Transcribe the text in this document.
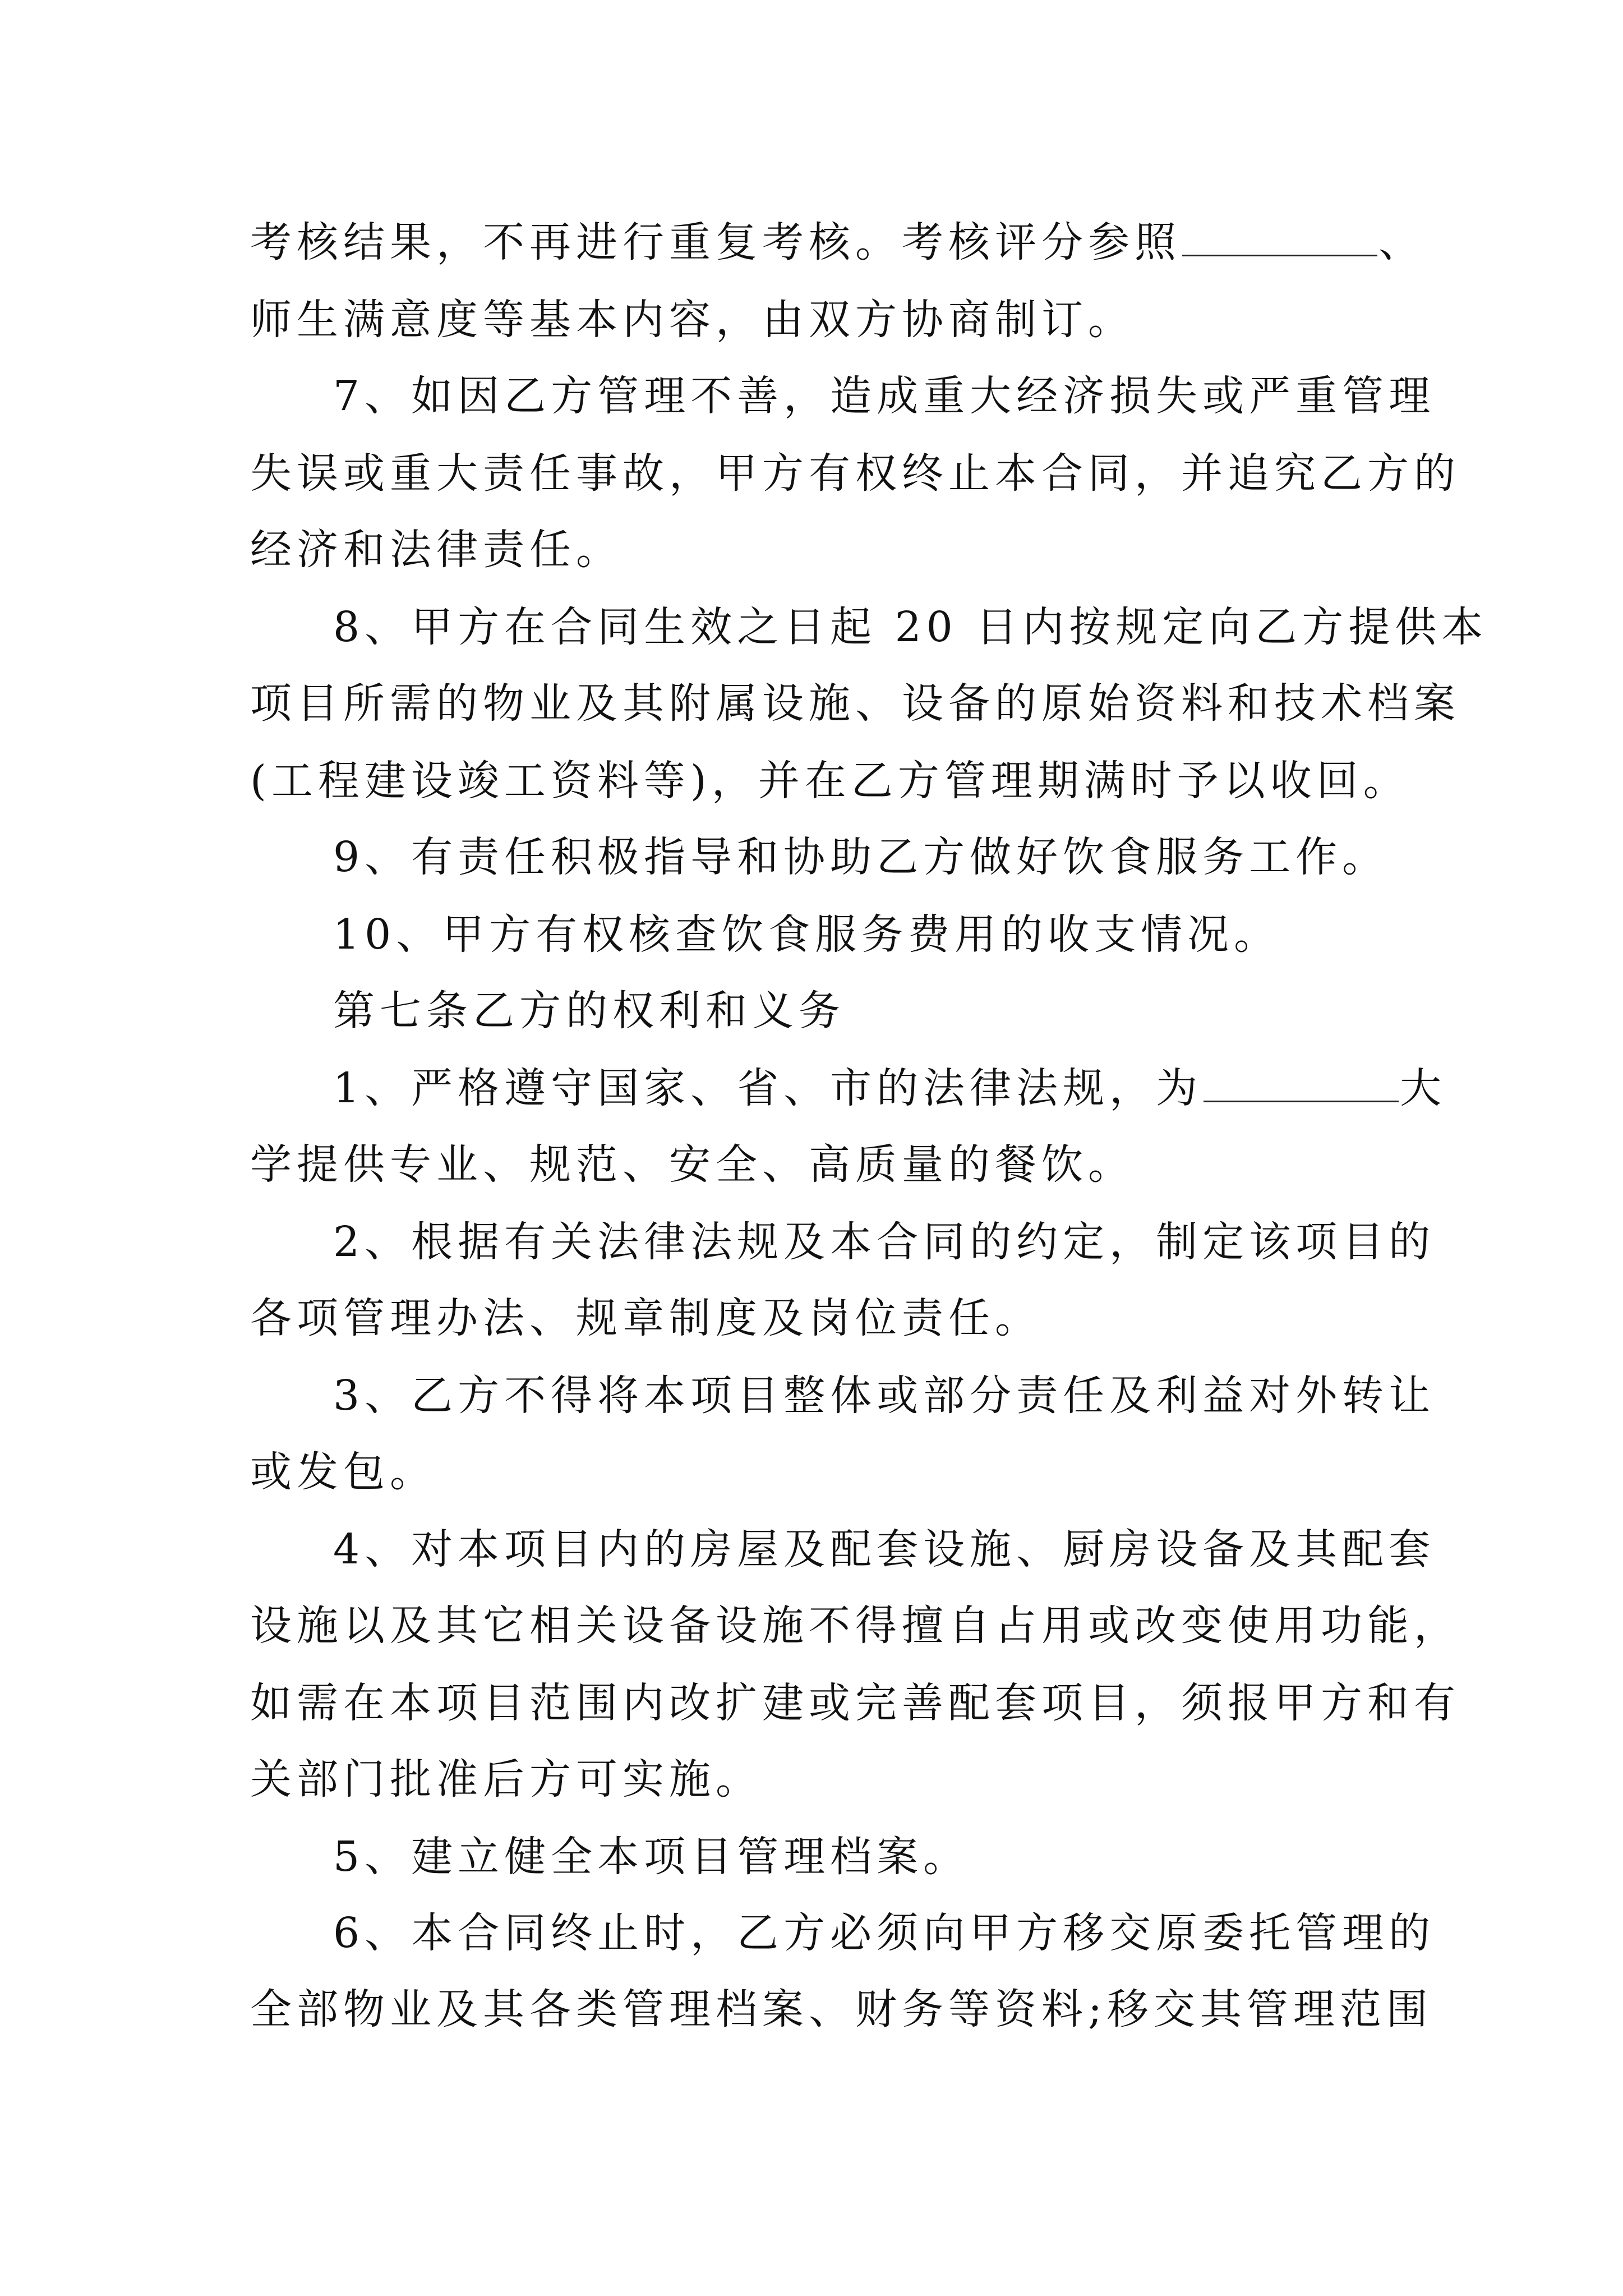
考核结果，不再进行重复考核。考核评分参照	、
师生满意度等基本内容，由双方协商制订。
7、如因乙方管理不善，造成重大经济损失或严重管理
失误或重大责任事故，甲方有权终止本合同，并追究乙方的
经济和法律责任。
8、甲方在合同生效之日起 20 日内按规定向乙方提供本
项目所需的物业及其附属设施、设备的原始资料和技术档案
(工程建设竣工资料等)，并在乙方管理期满时予以收回。
9、有责任积极指导和协助乙方做好饮食服务工作。
10、甲方有权核查饮食服务费用的收支情况。
第七条乙方的权利和义务
1、严格遵守国家、省、市的法律法规，为	大
学提供专业、规范、安全、高质量的餐饮。
2、根据有关法律法规及本合同的约定，制定该项目的
各项管理办法、规章制度及岗位责任。
3、乙方不得将本项目整体或部分责任及利益对外转让
或发包。
4、对本项目内的房屋及配套设施、厨房设备及其配套
设施以及其它相关设备设施不得擅自占用或改变使用功能，
如需在本项目范围内改扩建或完善配套项目，须报甲方和有
关部门批准后方可实施。
5、建立健全本项目管理档案。
6、本合同终止时，乙方必须向甲方移交原委托管理的
全部物业及其各类管理档案、财务等资料;移交其管理范围
